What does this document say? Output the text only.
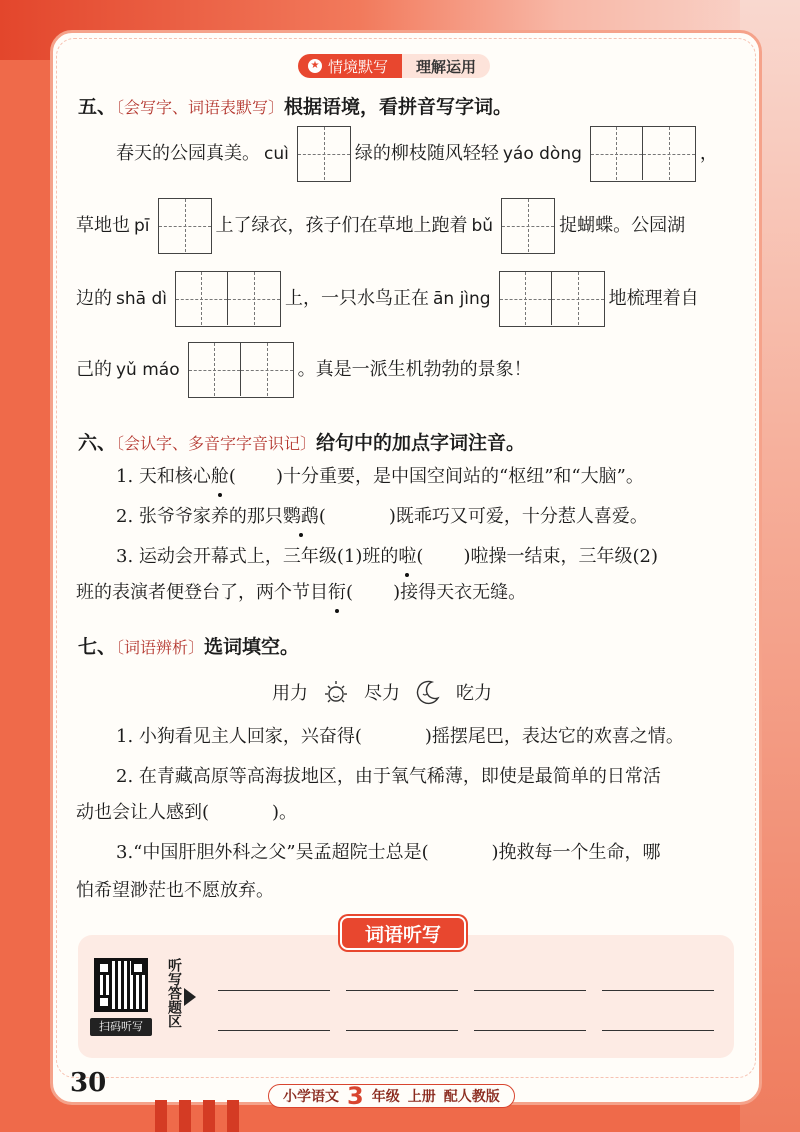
★ 情境默写	理解运用
五、〔会写字、词语表默写〕根据语境，看拼音写字词。
春天的公园真美。 cuì	绿的柳枝随风轻轻 yáo dòng	，
草地也 pī	上了绿衣，孩子们在草地上跑着 bǔ	捉蝴蝶。公园湖
边的 shā dì	上，一只水鸟正在 ān jìng	地梳理着自
己的 yǔ máo	。真是一派生机勃勃的景象！
六、〔会认字、多音字字音识记〕给句中的加点字词注音。
1. 天和核心 舱 (       ) 十分重要，是中国空间站的“枢纽”和“大脑”。
2. 张爷爷家养的那只 鹦鹉 (           ) 既乖巧又可爱，十分惹人喜爱。
3. 运动会开幕式上，三年级(1)班的 啦 (       ) 啦操一结束，三年级(2)
班的表演者便登台了，两个节目 衔 (       ) 接得天衣无缝。
七、〔词语辨析〕选词填空。
用力	尽力	吃力
1. 小狗看见主人回家，兴奋得 (           ) 摇摆尾巴，表达它的欢喜之情。
2. 在青藏高原等高海拔地区，由于氧气稀薄，即使是最简单的日常活
动也会让人感到 (           ) 。
3.“中国肝胆外科之父”吴孟超院士总是 (           ) 挽救每一个生命，哪
怕希望渺茫也不愿放弃。
词语听写
扫码听写	听写答题区
30	小学语文 3 年级 上册 配人教版
